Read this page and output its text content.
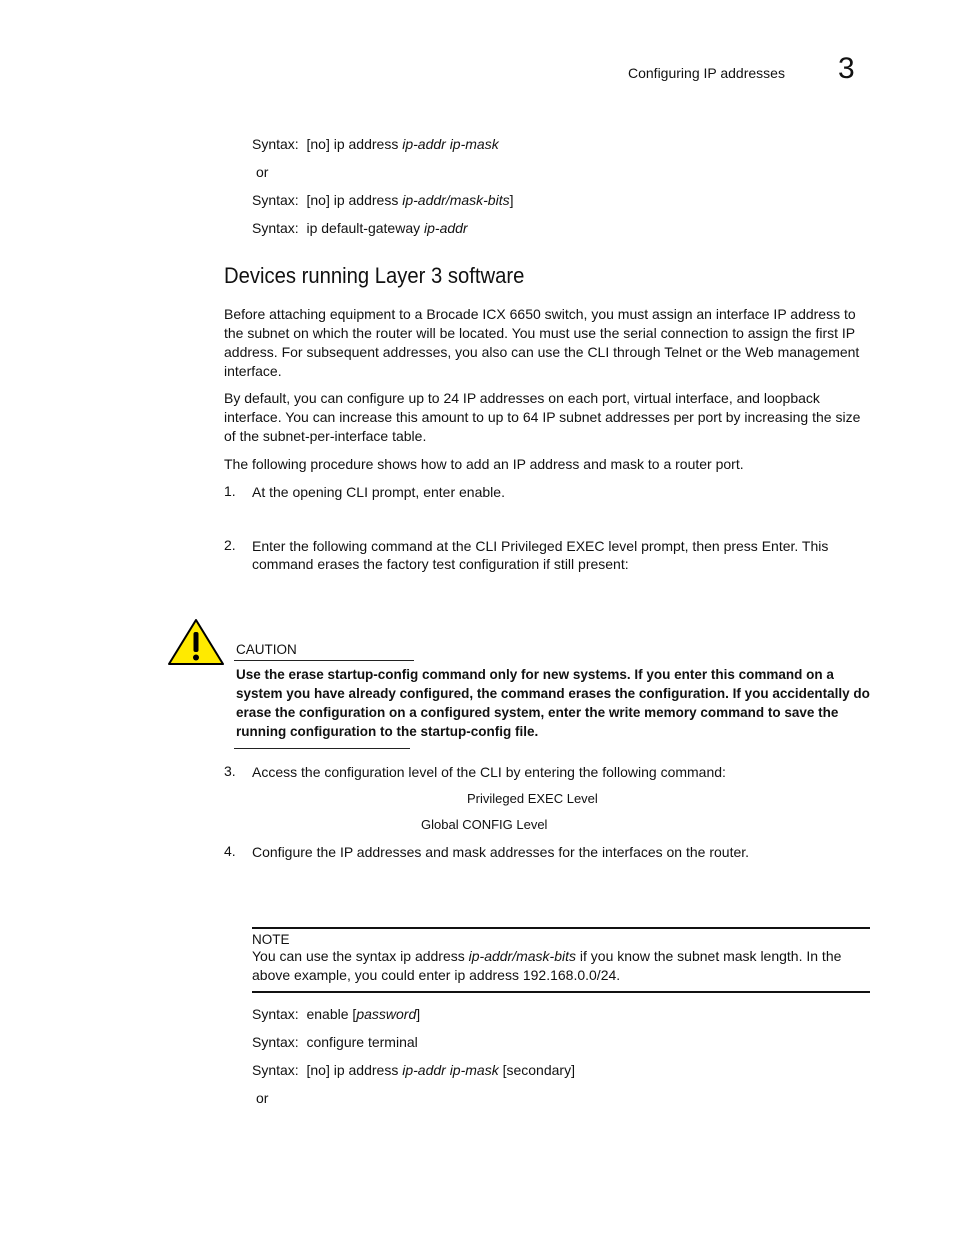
Configuring IP addresses 3
Syntax: [no] ip address ip-addr ip-mask
or
Syntax: [no] ip address ip-addr/mask-bits]
Syntax: ip default-gateway ip-addr
Devices running Layer 3 software
Before attaching equipment to a Brocade ICX 6650 switch, you must assign an interface IP address to the subnet on which the router will be located. You must use the serial connection to assign the first IP address. For subsequent addresses, you also can use the CLI through Telnet or the Web management interface.
By default, you can configure up to 24 IP addresses on each port, virtual interface, and loopback interface. You can increase this amount to up to 64 IP subnet addresses per port by increasing the size of the subnet-per-interface table.
The following procedure shows how to add an IP address and mask to a router port.
1. At the opening CLI prompt, enter enable.
2. Enter the following command at the CLI Privileged EXEC level prompt, then press Enter. This command erases the factory test configuration if still present:
CAUTION
Use the erase startup-config command only for new systems. If you enter this command on a system you have already configured, the command erases the configuration. If you accidentally do erase the configuration on a configured system, enter the write memory command to save the running configuration to the startup-config file.
3. Access the configuration level of the CLI by entering the following command:
Privileged EXEC Level
Global CONFIG Level
4. Configure the IP addresses and mask addresses for the interfaces on the router.
NOTE
You can use the syntax ip address ip-addr/mask-bits if you know the subnet mask length. In the above example, you could enter ip address 192.168.0.0/24.
Syntax: enable [password]
Syntax: configure terminal
Syntax: [no] ip address ip-addr ip-mask [secondary]
or
